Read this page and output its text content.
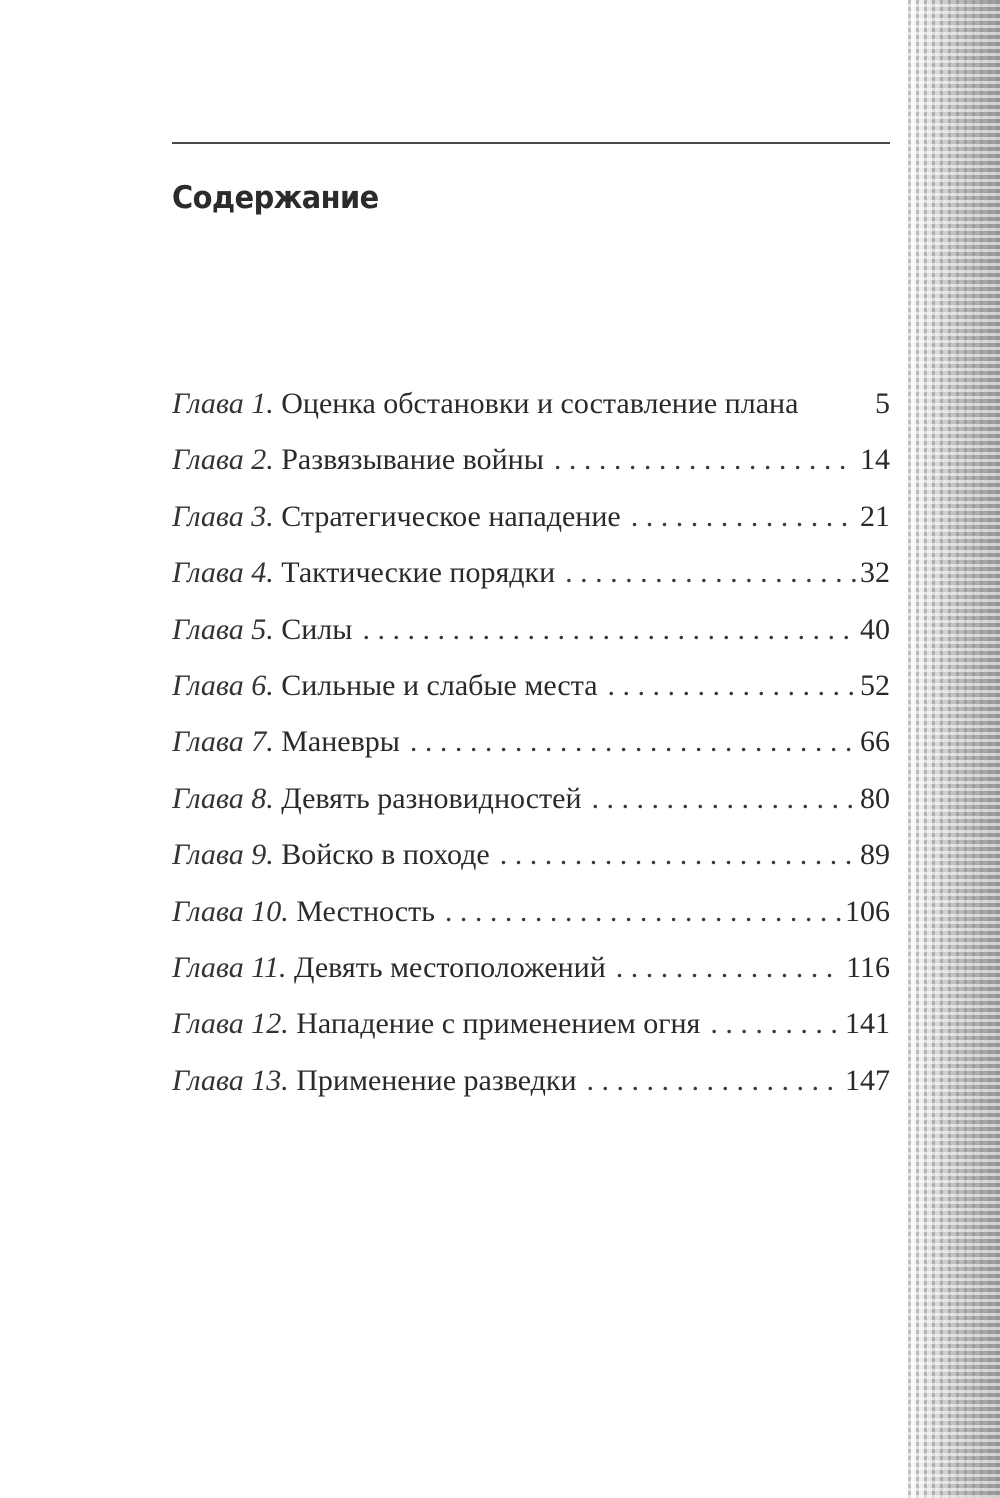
Содержание
Глава 1.
Оценка обстановки и составление плана	5
Глава 2.
Развязывание войны . . .	14
Глава 3.
Стратегическое нападение . . .	21
Глава 4.
Тактические порядки . . .	32
Глава 5.
Силы . . .	40
Глава 6.
Сильные и слабые места . . .	52
Глава 7.
Маневры . . .	66
Глава 8.
Девять разновидностей . . .	80
Глава 9.
Войско в походе . . .	89
Глава 10.
Местность . . .	106
Глава 11.
Девять местоположений . . .	116
Глава 12.
Нападение с применением огня . . .	141
Глава 13.
Применение разведки . . .	147
